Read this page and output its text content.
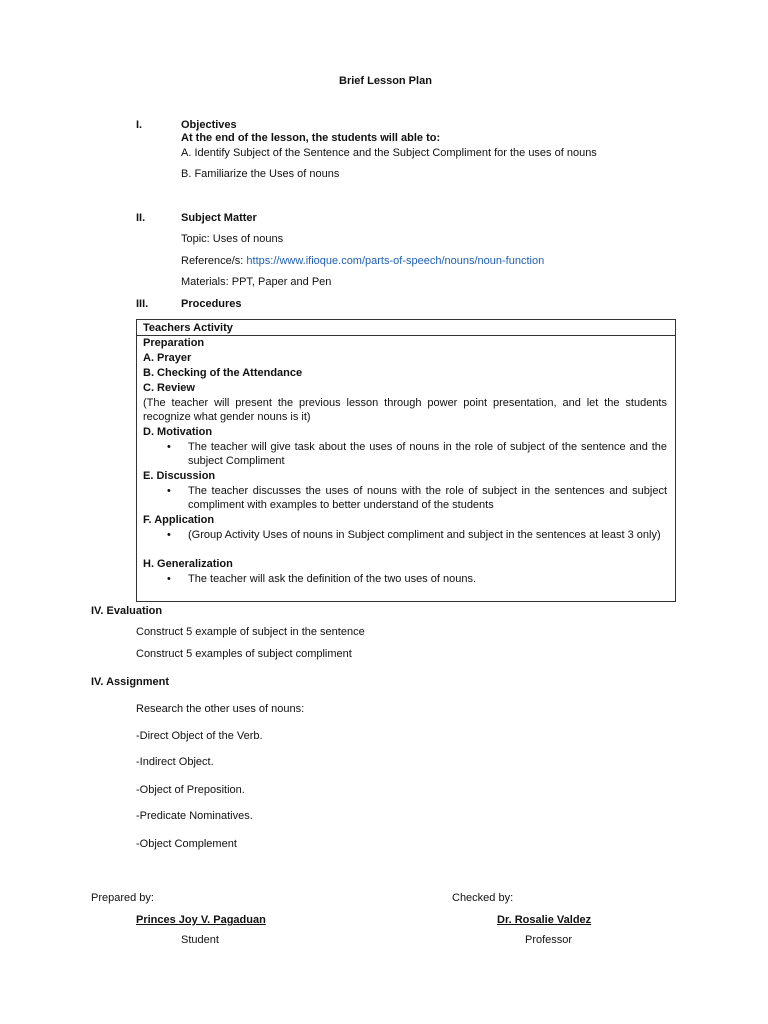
Brief Lesson Plan
I.	Objectives
At the end of the lesson, the students will able to:
A. Identify Subject of the Sentence and the Subject Compliment for the uses of nouns
B. Familiarize the Uses of nouns
II.	Subject Matter
Topic: Uses of nouns
Reference/s: https://www.ifioque.com/parts-of-speech/nouns/noun-function
Materials: PPT, Paper and Pen
III.	Procedures
Teachers Activity
Preparation
A. Prayer
B. Checking of the Attendance
C. Review
(The teacher will present the previous lesson through power point presentation, and let the students recognize what gender nouns is it)
D. Motivation
• The teacher will give task about the uses of nouns in the role of subject of the sentence and the subject Compliment
E. Discussion
• The teacher discusses the uses of nouns with the role of subject in the sentences and subject compliment with examples to better understand of the students
F. Application
• (Group Activity Uses of nouns in Subject compliment and subject in the sentences at least 3 only)
H. Generalization
• The teacher will ask the definition of the two uses of nouns.
IV. Evaluation
Construct 5 example of subject in the sentence
Construct 5 examples of subject compliment
IV. Assignment
Research the other uses of nouns:
-Direct Object of the Verb.
-Indirect Object.
-Object of Preposition.
-Predicate Nominatives.
-Object Complement
Prepared by:
Princes Joy V. Pagaduan
Student
Checked by:
Dr. Rosalie Valdez
Professor
